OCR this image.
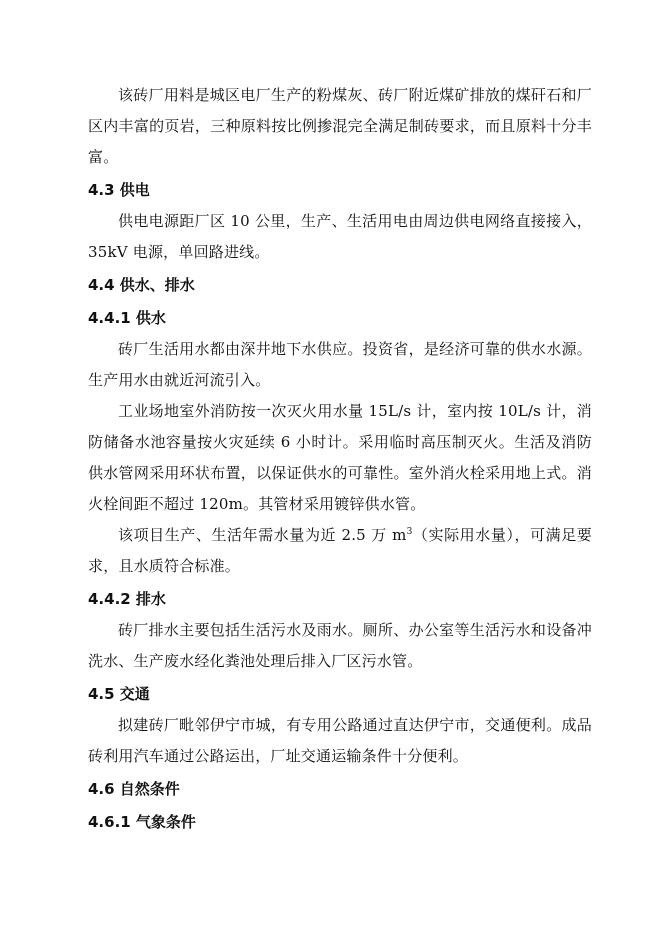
该砖厂用料是城区电厂生产的粉煤灰、砖厂附近煤矿排放的煤矸石和厂区内丰富的页岩，三种原料按比例掺混完全满足制砖要求，而且原料十分丰富。

4.3 供电

供电电源距厂区 10 公里，生产、生活用电由周边供电网络直接接入，35kV 电源，单回路进线。

4.4 供水、排水
4.4.1 供水

砖厂生活用水都由深井地下水供应。投资省，是经济可靠的供水水源。生产用水由就近河流引入。

工业场地室外消防按一次灭火用水量 15L/s 计，室内按 10L/s 计，消防储备水池容量按火灾延续 6 小时计。采用临时高压制灭火。生活及消防供水管网采用环状布置，以保证供水的可靠性。室外消火栓采用地上式。消火栓间距不超过 120m。其管材采用镀锌供水管。

该项目生产、生活年需水量为近 2.5 万 $m^3$（实际用水量），可满足要求，且水质符合标准。

4.4.2 排水

砖厂排水主要包括生活污水及雨水。厕所、办公室等生活污水和设备冲洗水、生产废水经化粪池处理后排入厂区污水管。

4.5 交通

拟建砖厂毗邻伊宁市城，有专用公路通过直达伊宁市，交通便利。成品砖利用汽车通过公路运出，厂址交通运输条件十分便利。

4.6 自然条件
4.6.1 气象条件
